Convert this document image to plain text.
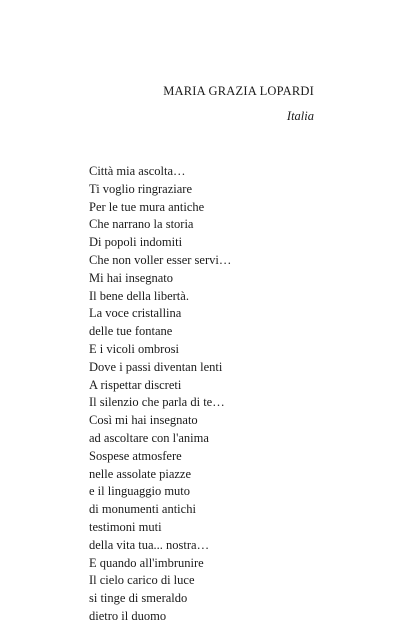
MARIA GRAZIA LOPARDI
Italia
Città mia ascolta…
Ti voglio ringraziare
Per le tue mura antiche
Che narrano la storia
Di popoli indomiti
Che non voller esser servi…
Mi hai insegnato
Il bene della libertà.
La voce cristallina
delle tue fontane
E i vicoli ombrosi
Dove i passi diventan lenti
A rispettar discreti
Il silenzio che parla di te…
Così mi hai insegnato
ad ascoltare con l'anima
Sospese atmosfere
nelle assolate piazze
e il linguaggio muto
di monumenti antichi
testimoni muti
della vita tua... nostra…
E quando all'imbrunire
Il cielo carico di luce
si tinge di smeraldo
dietro il duomo
